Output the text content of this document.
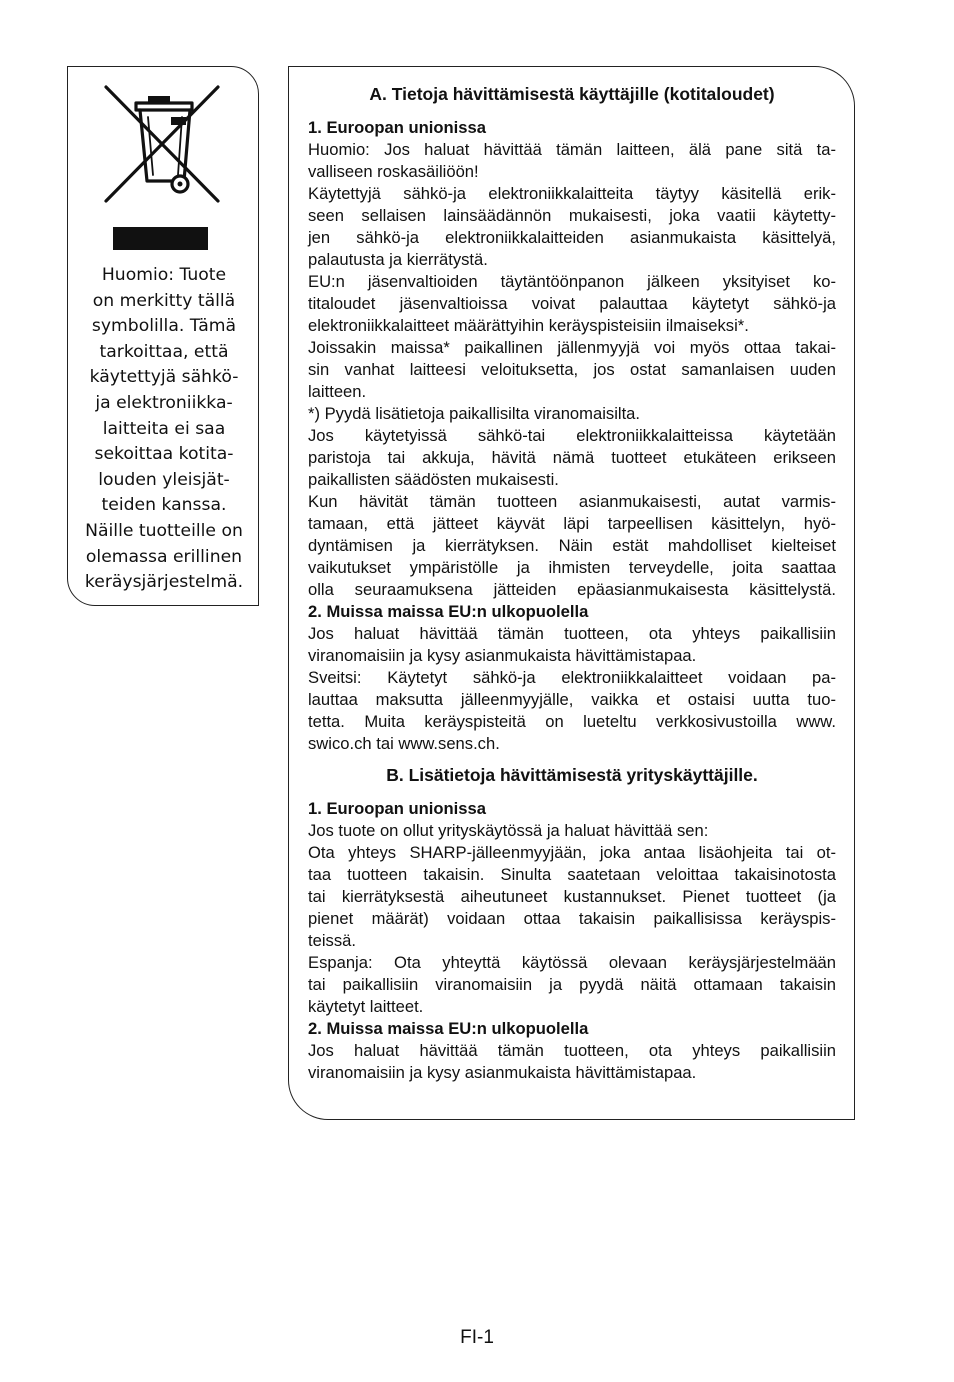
Huomio: Tuote
on merkitty tällä
symbolilla. Tämä
tarkoittaa, että
käytettyjä sähkö-
ja elektroniikka-
laitteita ei saa
sekoittaa kotita-
louden yleisjät-
teiden kanssa.
Näille tuotteille on
olemassa erillinen
keräysjärjestelmä.
A. Tietoja hävittämisestä käyttäjille (kotitaloudet)
1. Euroopan unionissa
Huomio: Jos haluat hävittää tämän laitteen, älä pane sitä ta-
valliseen roskasäiliöön!
Käytettyjä sähkö-ja elektroniikkalaitteita täytyy käsitellä erik-
seen sellaisen lainsäädännön mukaisesti, joka vaatii käytetty-
jen sähkö-ja elektroniikkalaitteiden asianmukaista käsittelyä,
palautusta ja kierrätystä.
EU:n jäsenvaltioiden täytäntöönpanon jälkeen yksityiset ko-
titaloudet jäsenvaltioissa voivat palauttaa käytetyt sähkö-ja
elektroniikkalaitteet määrättyihin keräyspisteisiin ilmaiseksi*.
Joissakin maissa* paikallinen jällenmyyjä voi myös ottaa takai-
sin vanhat laitteesi veloituksetta, jos ostat samanlaisen uuden
laitteen.
*) Pyydä lisätietoja paikallisilta viranomaisilta.
Jos käytetyissä sähkö-tai elektroniikkalaitteissa käytetään
paristoja tai akkuja, hävitä nämä tuotteet etukäteen erikseen
paikallisten säädösten mukaisesti.
Kun hävität tämän tuotteen asianmukaisesti, autat varmis-
tamaan, että jätteet käyvät läpi tarpeellisen käsittelyn, hyö-
dyntämisen ja kierrätyksen. Näin estät mahdolliset kielteiset
vaikutukset ympäristölle ja ihmisten terveydelle, joita saattaa
olla seuraamuksena jätteiden epäasianmukaisesta käsittelystä.
2. Muissa maissa EU:n ulkopuolella
Jos haluat hävittää tämän tuotteen, ota yhteys paikallisiin
viranomaisiin ja kysy asianmukaista hävittämistapaa.
Sveitsi: Käytetyt sähkö-ja elektroniikkalaitteet voidaan pa-
lauttaa maksutta jälleenmyyjälle, vaikka et ostaisi uutta tuo-
tetta. Muita keräyspisteitä on lueteltu verkkosivustoilla www.
swico.ch tai www.sens.ch.
B. Lisätietoja hävittämisestä yrityskäyttäjille.
1. Euroopan unionissa
Jos tuote on ollut yrityskäytössä ja haluat hävittää sen:
Ota yhteys SHARP-jälleenmyyjään, joka antaa lisäohjeita tai ot-
taa tuotteen takaisin. Sinulta saatetaan veloittaa takaisinotosta
tai kierrätyksestä aiheutuneet kustannukset. Pienet tuotteet (ja
pienet määrät) voidaan ottaa takaisin paikallisissa keräyspis-
teissä.
Espanja: Ota yhteyttä käytössä olevaan keräysjärjestelmään
tai paikallisiin viranomaisiin ja pyydä näitä ottamaan takaisin
käytetyt laitteet.
2. Muissa maissa EU:n ulkopuolella
Jos haluat hävittää tämän tuotteen, ota yhteys paikallisiin
viranomaisiin ja kysy asianmukaista hävittämistapaa.
FI-1
